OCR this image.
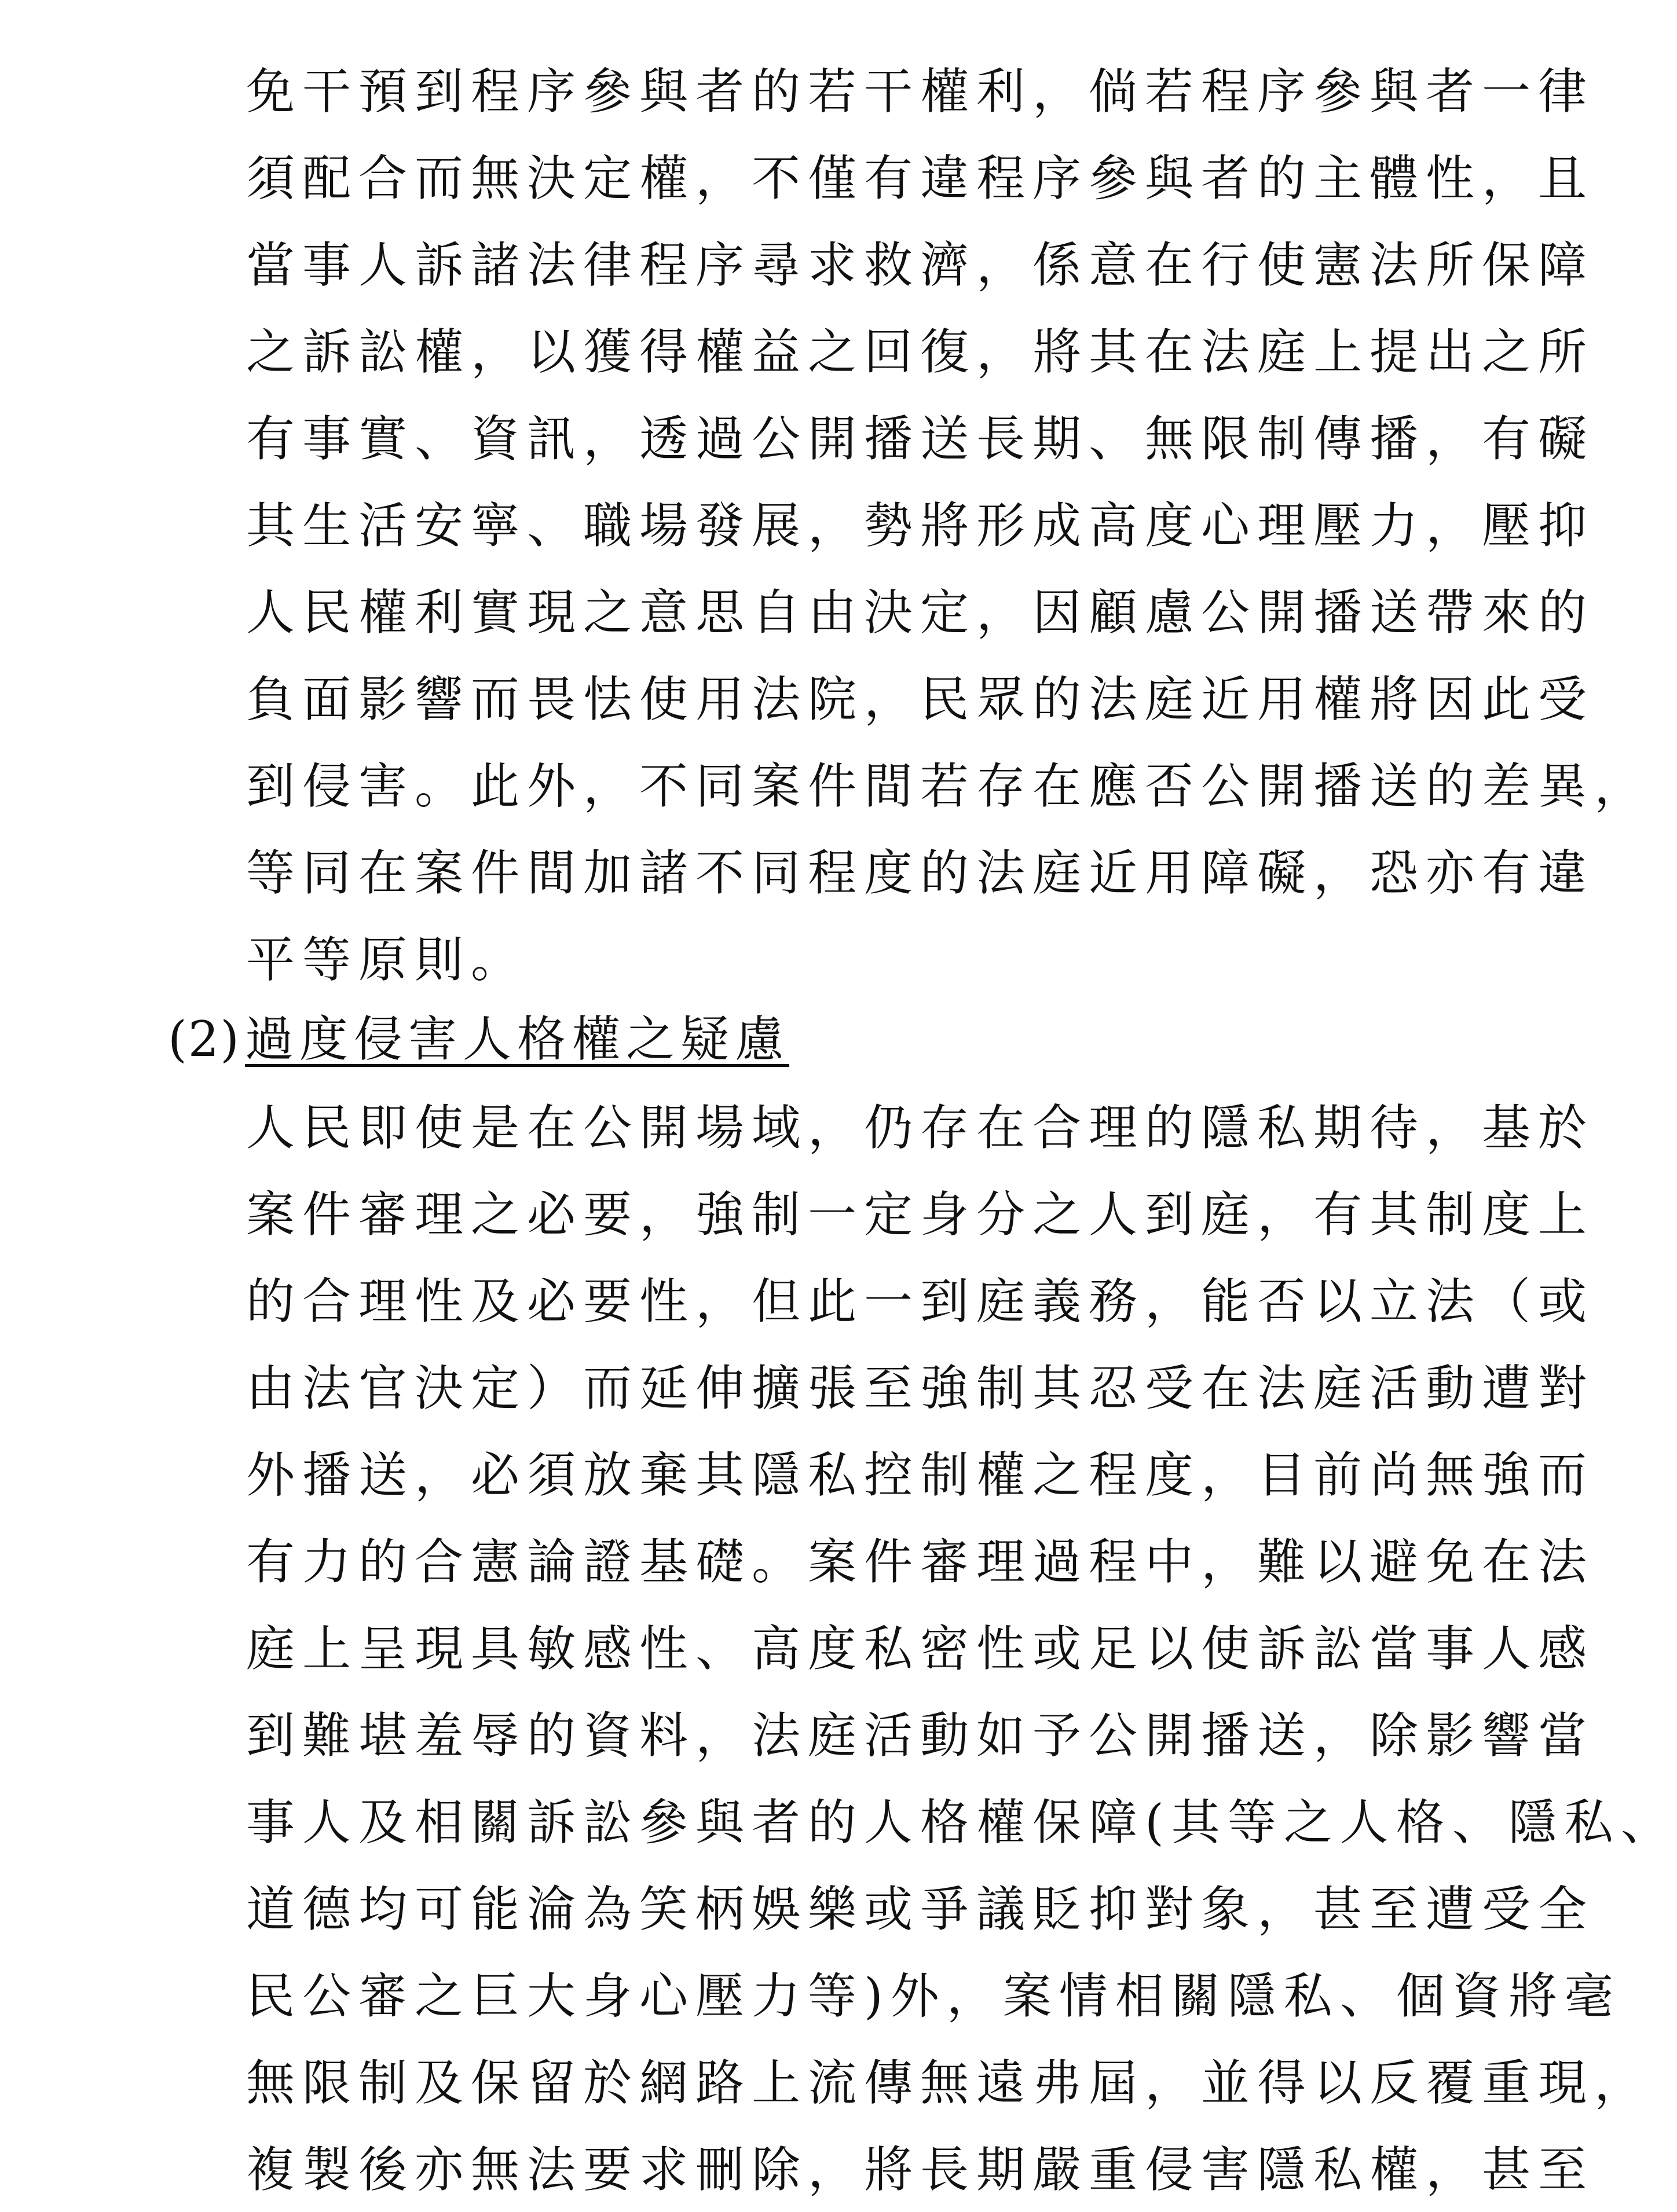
免干預到程序參與者的若干權利，倘若程序參與者一律
須配合而無決定權，不僅有違程序參與者的主體性，且
當事人訴諸法律程序尋求救濟，係意在行使憲法所保障
之訴訟權，以獲得權益之回復，將其在法庭上提出之所
有事實、資訊，透過公開播送長期、無限制傳播，有礙
其生活安寧、職場發展，勢將形成高度心理壓力，壓抑
人民權利實現之意思自由決定，因顧慮公開播送帶來的
負面影響而畏怯使用法院，民眾的法庭近用權將因此受
到侵害。此外，不同案件間若存在應否公開播送的差異，
等同在案件間加諸不同程度的法庭近用障礙，恐亦有違
平等原則。
(2)過度侵害人格權之疑慮
人民即使是在公開場域，仍存在合理的隱私期待，基於
案件審理之必要，強制一定身分之人到庭，有其制度上
的合理性及必要性，但此一到庭義務，能否以立法（或
由法官決定）而延伸擴張至強制其忍受在法庭活動遭對
外播送，必須放棄其隱私控制權之程度，目前尚無強而
有力的合憲論證基礎。案件審理過程中，難以避免在法
庭上呈現具敏感性、高度私密性或足以使訴訟當事人感
到難堪羞辱的資料，法庭活動如予公開播送，除影響當
事人及相關訴訟參與者的人格權保障(其等之人格、隱私、
道德均可能淪為笑柄娛樂或爭議貶抑對象，甚至遭受全
民公審之巨大身心壓力等)外，案情相關隱私、個資將毫
無限制及保留於網路上流傳無遠弗屆，並得以反覆重現，
複製後亦無法要求刪除，將長期嚴重侵害隱私權，甚至
